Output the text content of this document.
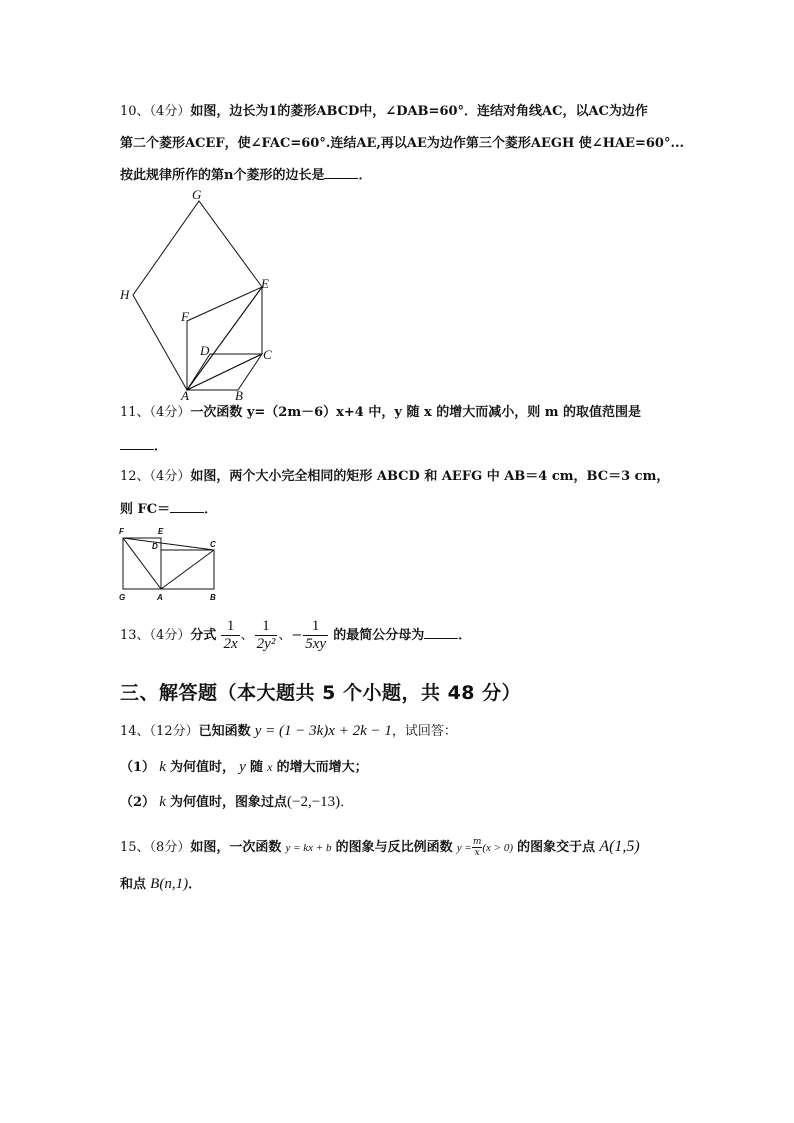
10、（4分）如图，边长为1的菱形ABCD中，∠DAB=60°．连结对角线AC，以AC为边作
第二个菱形ACEF，使∠FAC=60°.连结AE,再以AE为边作第三个菱形AEGH 使∠HAE=60°...
按此规律所作的第n个菱形的边长是	．
G
H
E
F
D	C
A	B
11、（4分）一次函数 y=（2m－6）x+4 中，y 随 x 的增大而减小，则 m 的取值范围是
．
12、（4分）如图，两个大小完全相同的矩形 ABCD 和 AEFG 中 AB＝4 cm，BC＝3 cm，
则 FC＝	．
F	E
D	C
G	A	B
13、（4分）分式 $\frac{1}{2x}$ 、 $\frac{1}{\text{2y²}}$ 、− $\frac{1}{5xy}$ 的最简公分母为	．
三、解答题（本大题共 5 个小题，共 48 分）
14、（12分）已知函数 y = (1 − 3k)x + 2k − 1，试回答：
（1） k 为何值时， y 随 x 的增大而增大；
（2） k 为何值时，图象过点(−2,−13)．
15、（8分）如图，一次函数 y = kx + b 的图象与反比例函数 $y = \frac{m}{x}(x > 0)$ 的图象交于点 A(1,5)
和点 B(n,1)．
